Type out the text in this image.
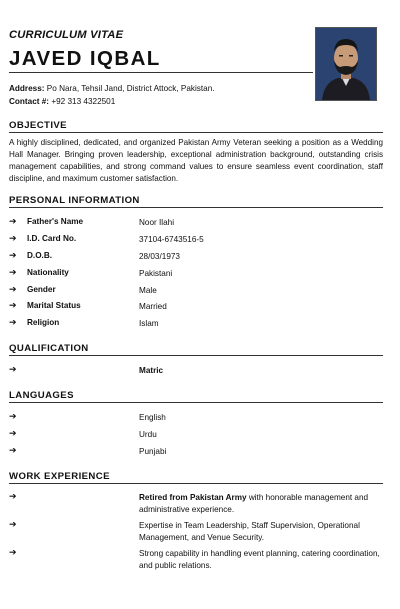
CURRICULUM VITAE
JAVED IQBAL
Address: Po Nara, Tehsil Jand, District Attock, Pakistan.
Contact #: +92 313 4322501
OBJECTIVE

A highly disciplined, dedicated, and organized Pakistan Army Veteran seeking a position as a Wedding Hall Manager. Bringing proven leadership, exceptional administration background, outstanding crisis management capabilities, and strong command values to ensure seamless event coordination, staff discipline, and maximum customer satisfaction.

PERSONAL INFORMATION
➔ Father's Name	Noor Ilahi
➔ I.D. Card No.	37104-6743516-5
➔ D.O.B.	28/03/1973
➔ Nationality	Pakistani
➔ Gender	Male
➔ Marital Status	Married
➔ Religion	Islam
QUALIFICATION
➔	Matric
LANGUAGES
➔	English
➔	Urdu
➔	Punjabi
WORK EXPERIENCE
➔	Retired from Pakistan Army with honorable management and administrative experience.
➔	Expertise in Team Leadership, Staff Supervision, Operational Management, and Venue Security.
➔	Strong capability in handling event planning, catering coordination, and public relations.
